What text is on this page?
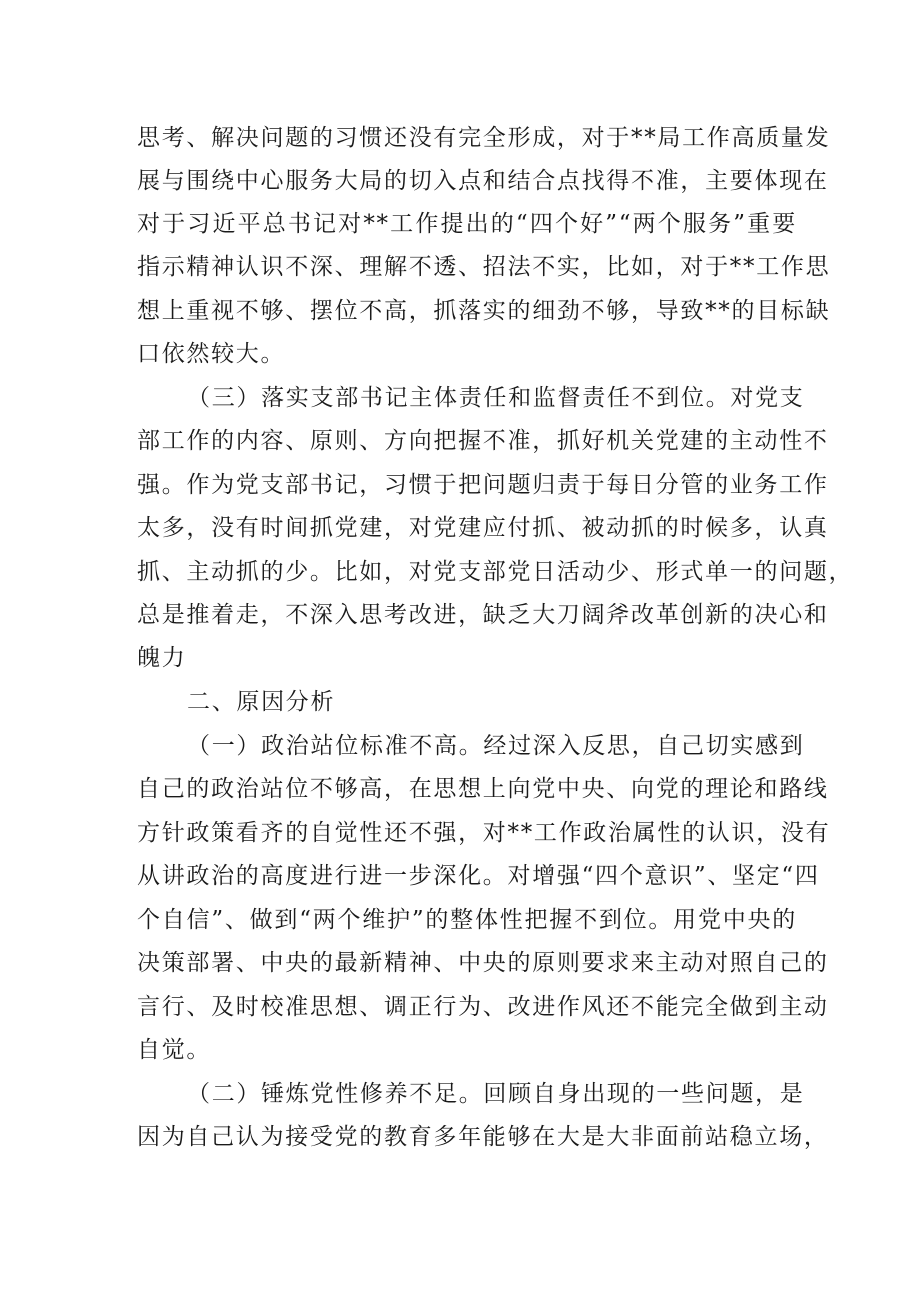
思考、解决问题的习惯还没有完全形成，对于**局工作高质量发
展与围绕中心服务大局的切入点和结合点找得不准，主要体现在
对于习近平总书记对**工作提出的“四个好”“两个服务”重要
指示精神认识不深、理解不透、招法不实，比如，对于**工作思
想上重视不够、摆位不高，抓落实的细劲不够，导致**的目标缺
口依然较大。
（三）落实支部书记主体责任和监督责任不到位。对党支
部工作的内容、原则、方向把握不准，抓好机关党建的主动性不
强。作为党支部书记，习惯于把问题归责于每日分管的业务工作
太多，没有时间抓党建，对党建应付抓、被动抓的时候多，认真
抓、主动抓的少。比如，对党支部党日活动少、形式单一的问题，
总是推着走，不深入思考改进，缺乏大刀阔斧改革创新的决心和
魄力
二、原因分析
（一）政治站位标准不高。经过深入反思，自己切实感到
自己的政治站位不够高，在思想上向党中央、向党的理论和路线
方针政策看齐的自觉性还不强，对**工作政治属性的认识，没有
从讲政治的高度进行进一步深化。对增强“四个意识”、坚定“四
个自信”、做到“两个维护”的整体性把握不到位。用党中央的
决策部署、中央的最新精神、中央的原则要求来主动对照自己的
言行、及时校准思想、调正行为、改进作风还不能完全做到主动
自觉。
（二）锤炼党性修养不足。回顾自身出现的一些问题，是
因为自己认为接受党的教育多年能够在大是大非面前站稳立场，
